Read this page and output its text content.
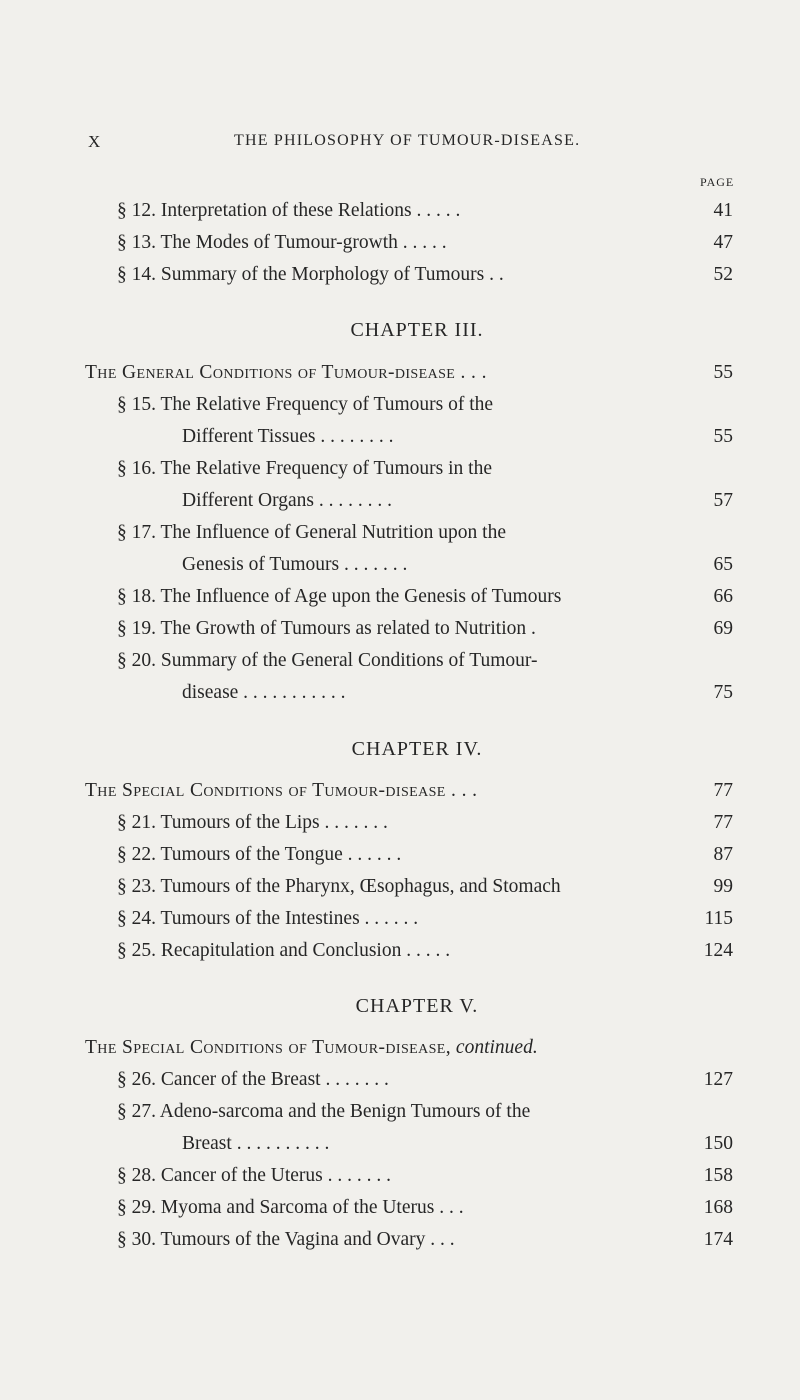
X	THE PHILOSOPHY OF TUMOUR-DISEASE.
PAGE
§ 12. Interpretation of these Relations . . . . .	41
§ 13. The Modes of Tumour-growth . . . . .	47
§ 14. Summary of the Morphology of Tumours . .	52
CHAPTER III.
The General Conditions of Tumour-disease . . .	55
§ 15. The Relative Frequency of Tumours of the
Different Tissues . . . . . . . .	55
§ 16. The Relative Frequency of Tumours in the
Different Organs . . . . . . . .	57
§ 17. The Influence of General Nutrition upon the
Genesis of Tumours . . . . . . .	65
§ 18. The Influence of Age upon the Genesis of Tumours	66
§ 19. The Growth of Tumours as related to Nutrition .	69
§ 20. Summary of the General Conditions of Tumour-
disease . . . . . . . . . . .	75
CHAPTER IV.
The Special Conditions of Tumour-disease . . .	77
§ 21. Tumours of the Lips . . . . . . .	77
§ 22. Tumours of the Tongue . . . . . .	87
§ 23. Tumours of the Pharynx, Œsophagus, and Stomach	99
§ 24. Tumours of the Intestines . . . . . .	115
§ 25. Recapitulation and Conclusion . . . . .	124
CHAPTER V.
The Special Conditions of Tumour-disease, continued.
§ 26. Cancer of the Breast . . . . . . .	127
§ 27. Adeno-sarcoma and the Benign Tumours of the
Breast . . . . . . . . . .	150
§ 28. Cancer of the Uterus . . . . . . .	158
§ 29. Myoma and Sarcoma of the Uterus . . .	168
§ 30. Tumours of the Vagina and Ovary . . .	174
